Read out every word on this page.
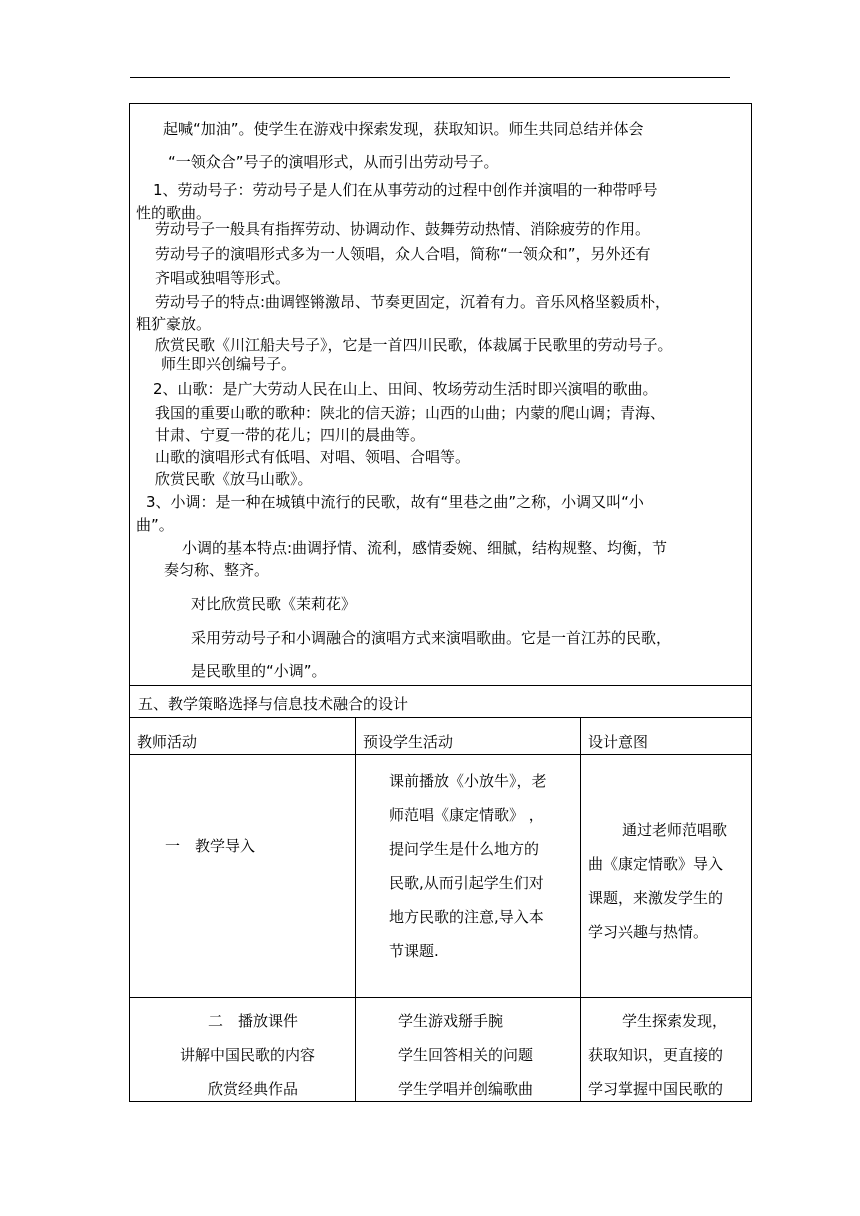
起喊“加油”。使学生在游戏中探索发现，获取知识。师生共同总结并体会
“一领众合”号子的演唱形式，从而引出劳动号子。
1、劳动号子：劳动号子是人们在从事劳动的过程中创作并演唱的一种带呼号
性的歌曲。
劳动号子一般具有指挥劳动、协调动作、鼓舞劳动热情、消除疲劳的作用。
劳动号子的演唱形式多为一人领唱，众人合唱，简称“一领众和”，另外还有
齐唱或独唱等形式。
劳动号子的特点:曲调铿锵激昂、节奏更固定，沉着有力。音乐风格坚毅质朴，
粗犷豪放。
欣赏民歌《川江船夫号子》，它是一首四川民歌，体裁属于民歌里的劳动号子。
师生即兴创编号子。
2、山歌：是广大劳动人民在山上、田间、牧场劳动生活时即兴演唱的歌曲。
我国的重要山歌的歌种：陕北的信天游；山西的山曲；内蒙的爬山调；青海、
甘肃、宁夏一带的花儿；四川的晨曲等。
山歌的演唱形式有低唱、对唱、领唱、合唱等。
欣赏民歌《放马山歌》。
3、小调：是一种在城镇中流行的民歌，故有“里巷之曲”之称，小调又叫“小
曲”。
小调的基本特点:曲调抒情、流利，感情委婉、细腻，结构规整、均衡，节
奏匀称、整齐。
对比欣赏民歌《茉莉花》
采用劳动号子和小调融合的演唱方式来演唱歌曲。它是一首江苏的民歌，
是民歌里的“小调”。
五、教学策略选择与信息技术融合的设计
教师活动	预设学生活动	设计意图
一　教学导入
课前播放《小放牛》，老
师范唱《康定情歌》 ，
提问学生是什么地方的
民歌,从而引起学生们对
地方民歌的注意,导入本
节课题.
通过老师范唱歌
曲《康定情歌》导入
课题，来激发学生的
学习兴趣与热情。
二　播放课件
讲解中国民歌的内容
欣赏经典作品
学生游戏掰手腕
学生回答相关的问题
学生学唱并创编歌曲
学生探索发现，
获取知识，更直接的
学习掌握中国民歌的
